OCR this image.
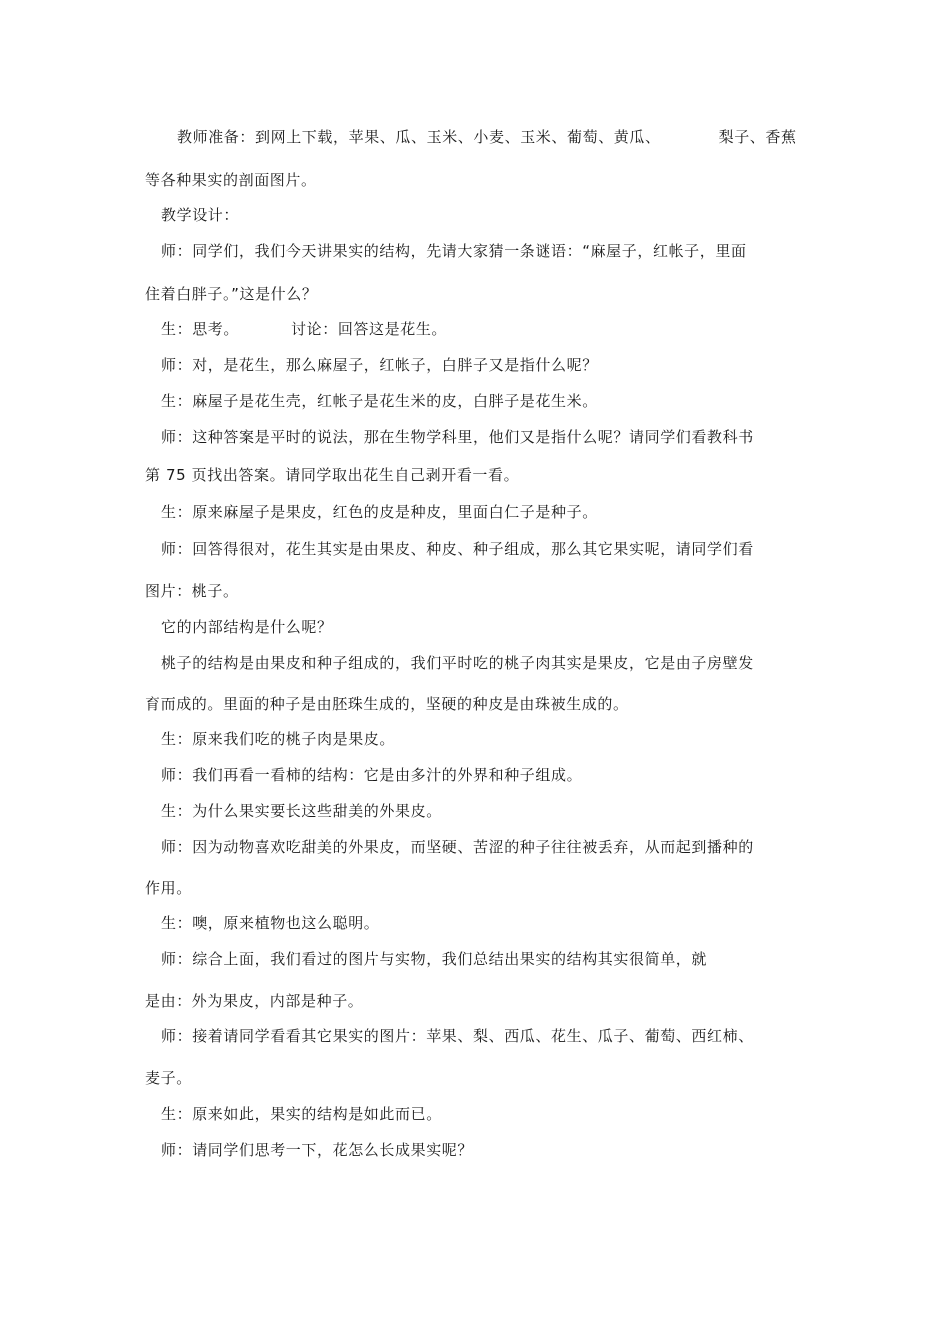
教师准备：到网上下载，苹果、瓜、玉米、小麦、玉米、葡萄、黄瓜、	梨子、香蕉

等各种果实的剖面图片。

教学设计：

师：同学们，我们今天讲果实的结构，先请大家猜一条谜语：“麻屋子，红帐子，里面

住着白胖子。”这是什么？

生：思考。	讨论：回答这是花生。

师：对，是花生，那么麻屋子，红帐子，白胖子又是指什么呢？

生：麻屋子是花生壳，红帐子是花生米的皮，白胖子是花生米。

师：这种答案是平时的说法，那在生物学科里，他们又是指什么呢？请同学们看教科书

第 75 页找出答案。请同学取出花生自己剥开看一看。

生：原来麻屋子是果皮，红色的皮是种皮，里面白仁子是种子。

师：回答得很对，花生其实是由果皮、种皮、种子组成，那么其它果实呢，请同学们看

图片：桃子。

它的内部结构是什么呢？

桃子的结构是由果皮和种子组成的，我们平时吃的桃子肉其实是果皮，它是由子房壁发

育而成的。里面的种子是由胚珠生成的，坚硬的种皮是由珠被生成的。

生：原来我们吃的桃子肉是果皮。

师：我们再看一看柿的结构：它是由多汁的外界和种子组成。

生：为什么果实要长这些甜美的外果皮。

师：因为动物喜欢吃甜美的外果皮，而坚硬、苦涩的种子往往被丢弃，从而起到播种的

作用。

生：噢，原来植物也这么聪明。

师：综合上面，我们看过的图片与实物，我们总结出果实的结构其实很简单，就

是由：外为果皮，内部是种子。

师：接着请同学看看其它果实的图片：苹果、梨、西瓜、花生、瓜子、葡萄、西红柿、

麦子。

生：原来如此，果实的结构是如此而已。

师：请同学们思考一下，花怎么长成果实呢？
